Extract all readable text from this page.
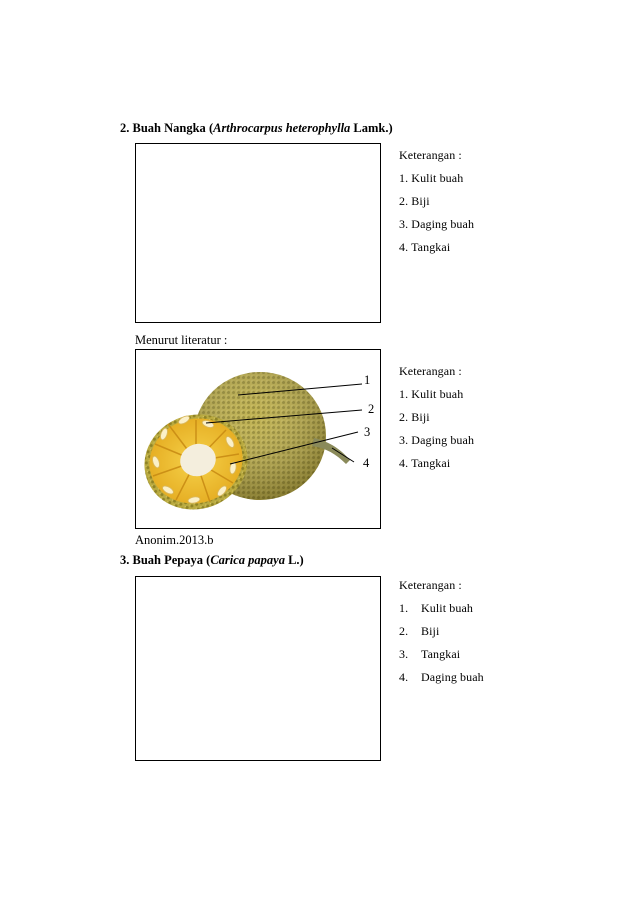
2. Buah Nangka (Arthrocarpus heterophylla Lamk.)
Keterangan :
1. Kulit buah
2. Biji
3. Daging buah
4. Tangkai
Menurut literatur :
1
2
3
4
Keterangan :
1. Kulit buah
2. Biji
3. Daging buah
4. Tangkai
Anonim.2013.b
3. Buah Pepaya (Carica papaya L.)
Keterangan :
1. Kulit buah
2. Biji
3. Tangkai
4. Daging buah
